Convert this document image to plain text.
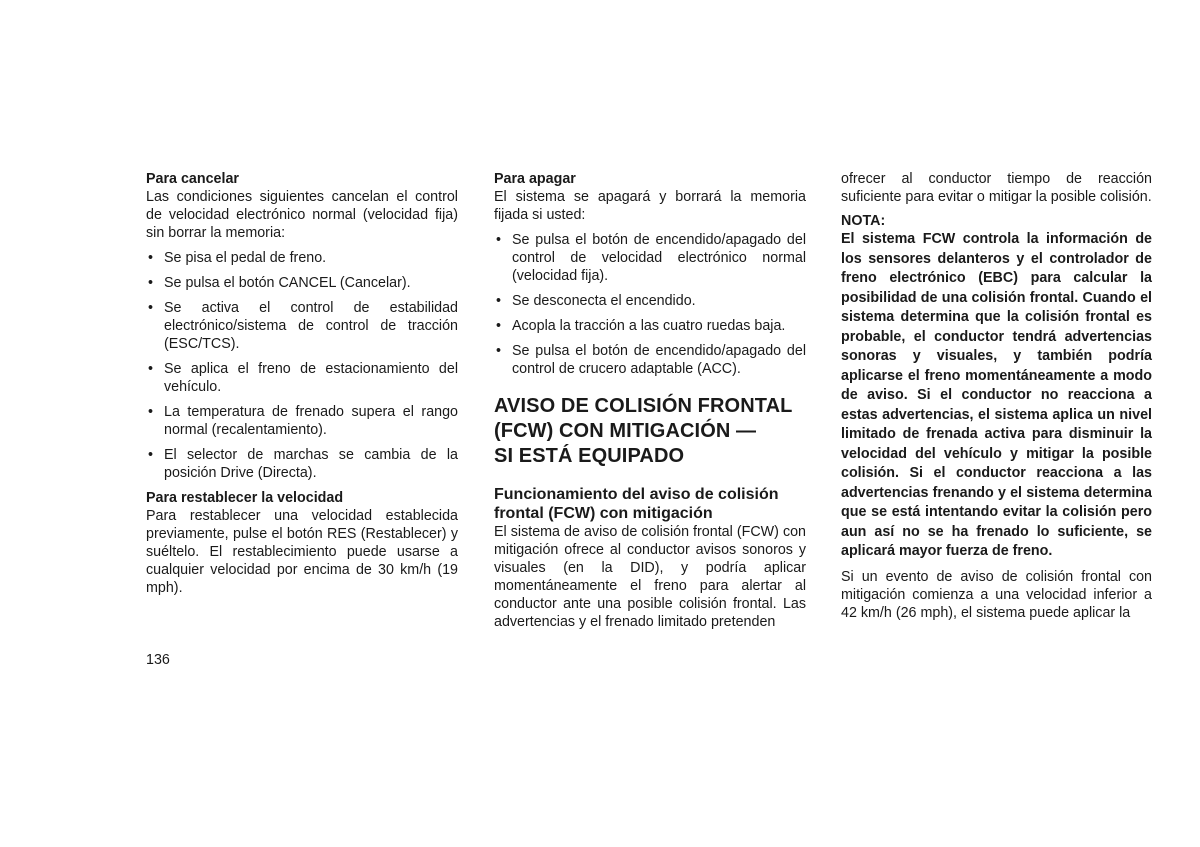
Para cancelar

Las condiciones siguientes cancelan el control de velocidad electrónico normal (velocidad fija) sin borrar la memoria:

• Se pisa el pedal de freno.
• Se pulsa el botón CANCEL (Cancelar).
• Se activa el control de estabilidad electrónico/sistema de control de tracción (ESC/TCS).
• Se aplica el freno de estacionamiento del vehículo.
• La temperatura de frenado supera el rango normal (recalentamiento).
• El selector de marchas se cambia de la posición Drive (Directa).

Para restablecer la velocidad

Para restablecer una velocidad establecida previamente, pulse el botón RES (Restablecer) y suéltelo. El restablecimiento puede usarse a cualquier velocidad por encima de 30 km/h (19 mph).

Para apagar

El sistema se apagará y borrará la memoria fijada si usted:

• Se pulsa el botón de encendido/apagado del control de velocidad electrónico normal (velocidad fija).
• Se desconecta el encendido.
• Acopla la tracción a las cuatro ruedas baja.
• Se pulsa el botón de encendido/apagado del control de crucero adaptable (ACC).
AVISO DE COLISIÓN FRONTAL
(FCW) CON MITIGACIÓN —
SI ESTÁ EQUIPADO
Funcionamiento del aviso de colisión
frontal (FCW) con mitigación

El sistema de aviso de colisión frontal (FCW) con mitigación ofrece al conductor avisos sonoros y visuales (en la DID), y podría aplicar momentáneamente el freno para alertar al conductor ante una posible colisión frontal. Las advertencias y el frenado limitado pretenden

ofrecer al conductor tiempo de reacción suficiente para evitar o mitigar la posible colisión.

NOTA:

El sistema FCW controla la información de los sensores delanteros y el controlador de freno electrónico (EBC) para calcular la posibilidad de una colisión frontal. Cuando el sistema determina que la colisión frontal es probable, el conductor tendrá advertencias sonoras y visuales, y también podría aplicarse el freno momentáneamente a modo de aviso. Si el conductor no reacciona a estas advertencias, el sistema aplica un nivel limitado de frenada activa para disminuir la velocidad del vehículo y mitigar la posible colisión. Si el conductor reacciona a las advertencias frenando y el sistema determina que se está intentando evitar la colisión pero aun así no se ha frenado lo suficiente, se aplicará mayor fuerza de freno.

Si un evento de aviso de colisión frontal con mitigación comienza a una velocidad inferior a 42 km/h (26 mph), el sistema puede aplicar la

136
